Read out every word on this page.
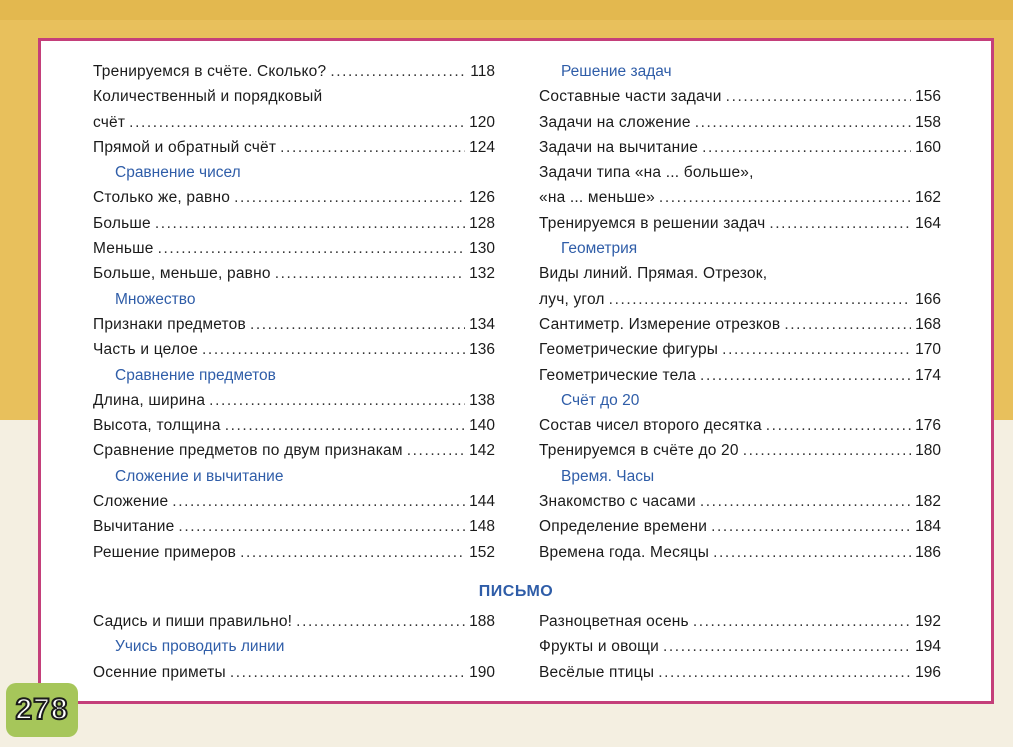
Тренируемся в счёте. Сколько? .....	118
Количественный и порядковый
счёт .....	120
Прямой и обратный счёт .....	124
Сравнение чисел
Столько же, равно .....	126
Больше .....	128
Меньше .....	130
Больше, меньше, равно .....	132
Множество
Признаки предметов .....	134
Часть и целое .....	136
Сравнение предметов
Длина, ширина .....	138
Высота, толщина .....	140
Сравнение предметов по двум признакам .....	142
Сложение и вычитание
Сложение .....	144
Вычитание .....	148
Решение примеров .....	152
Решение задач
Составные части задачи .....	156
Задачи на сложение .....	158
Задачи на вычитание .....	160
Задачи типа «на ... больше»,
«на ... меньше» .....	162
Тренируемся в решении задач .....	164
Геометрия
Виды линий. Прямая. Отрезок,
луч, угол .....	166
Сантиметр. Измерение отрезков .....	168
Геометрические фигуры .....	170
Геометрические тела .....	174
Счёт до 20
Состав чисел второго десятка .....	176
Тренируемся в счёте до 20 .....	180
Время. Часы
Знакомство с часами .....	182
Определение времени .....	184
Времена года. Месяцы .....	186
ПИСЬМО
Садись и пиши правильно! .....	188
Учись проводить линии
Осенние приметы .....	190
Разноцветная осень .....	192
Фрукты и овощи .....	194
Весёлые птицы .....	196
278
